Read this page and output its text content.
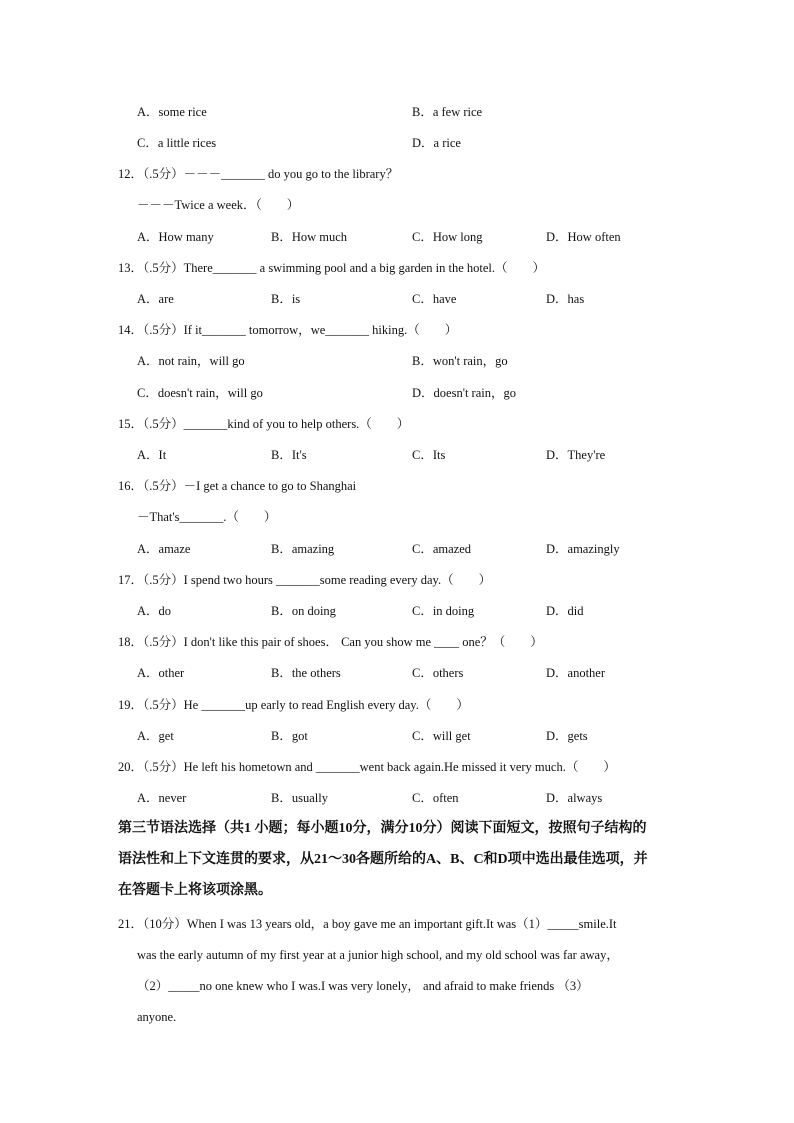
A．some rice	B．a few rice
C．a little rices	D．a rice
12．（.5分）－－－_______ do you go to the library？
－－－Twice a week．（　　）
A．How many	B．How much	C．How long	D．How often
13．（.5分）There_______ a swimming pool and a big garden in the hotel.（　　）
A．are	B．is	C．have	D．has
14．（.5分）If it_______ tomorrow，we_______ hiking.（　　）
A．not rain，will go	B．won't rain，go
C．doesn't rain，will go	D．doesn't rain，go
15．（.5分）_______kind of you to help others.（　　）
A．It	B．It's	C．Its	D．They're
16．（.5分）－I get a chance to go to Shanghai
－That's_______.（　　）
A．amaze	B．amazing	C．amazed	D．amazingly
17．（.5分）I spend two hours _______some reading every day.（　　）
A．do	B．on doing	C．in doing	D．did
18．（.5分）I don't like this pair of shoes． Can you show me ____ one？（　　）
A．other	B．the others	C．others	D．another
19．（.5分）He _______up early to read English every day.（　　）
A．get	B．got	C．will get	D．gets
20．（.5分）He left his hometown and _______went back again.He missed it very much.（　　）
A．never	B．usually	C．often	D．always
第三节语法选择（共1 小题；每小题10分，满分10分）阅读下面短文，按照句子结构的
语法性和上下文连贯的要求，从21～30各题所给的A、B、C和D项中选出最佳选项，并
在答题卡上将该项涂黑。
21．（10分）When I was 13 years old，a boy gave me an important gift.It was（1）_____smile.It
was the early autumn of my first year at a junior high school, and my old school was far away，
（2）_____no one knew who I was.I was very lonely， and afraid to make friends （3）
anyone.
